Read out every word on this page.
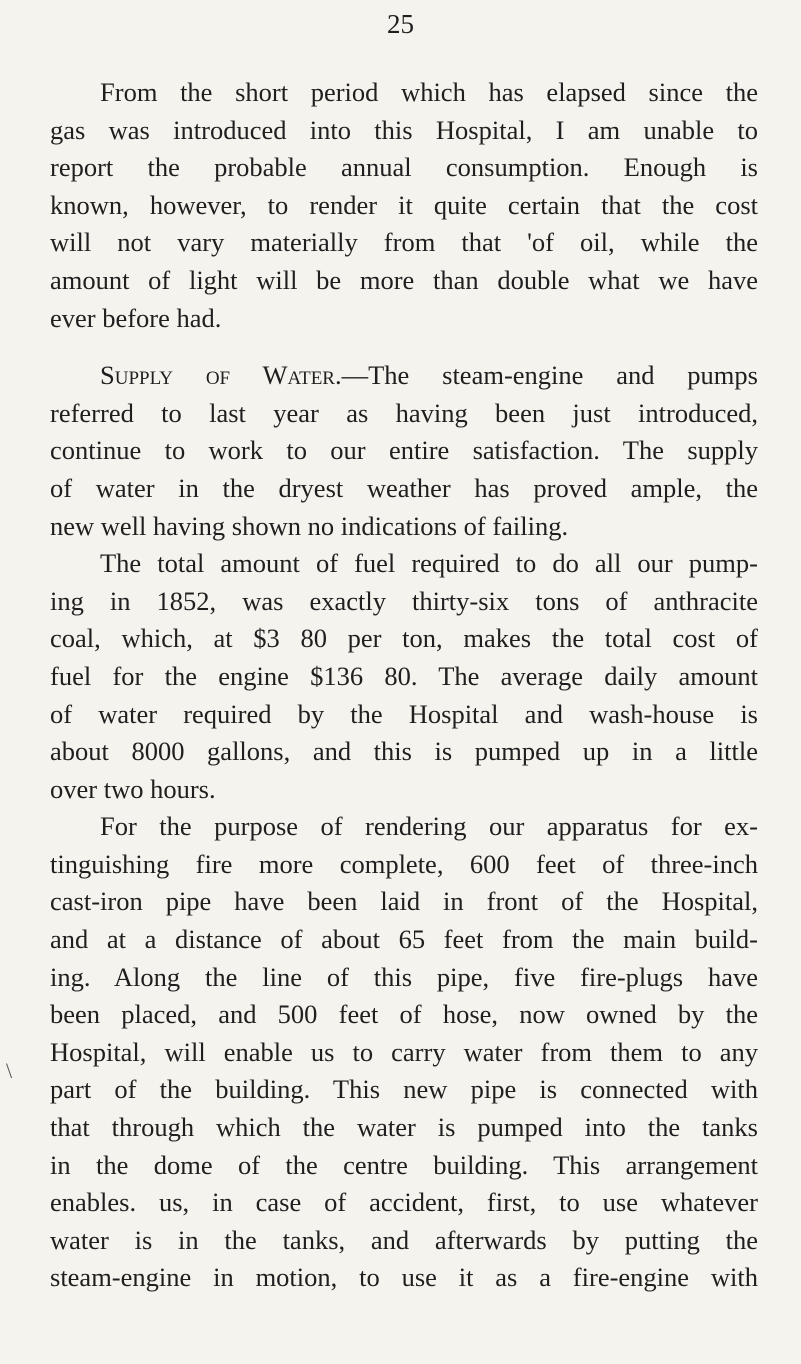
25
\
From the short period which has elapsed since the
gas was introduced into this Hospital, I am unable to
report the probable annual consumption. Enough is
known, however, to render it quite certain that the cost
will not vary materially from that 'of oil, while the
amount of light will be more than double what we have
ever before had.
Supply of Water.—The steam-engine and pumps
referred to last year as having been just introduced,
continue to work to our entire satisfaction. The supply
of water in the dryest weather has proved ample, the
new well having shown no indications of failing.
The total amount of fuel required to do all our pump-
ing in 1852, was exactly thirty-six tons of anthracite
coal, which, at $3 80 per ton, makes the total cost of
fuel for the engine $136 80. The average daily amount
of water required by the Hospital and wash-house is
about 8000 gallons, and this is pumped up in a little
over two hours.
For the purpose of rendering our apparatus for ex-
tinguishing fire more complete, 600 feet of three-inch
cast-iron pipe have been laid in front of the Hospital,
and at a distance of about 65 feet from the main build-
ing. Along the line of this pipe, five fire-plugs have
been placed, and 500 feet of hose, now owned by the
Hospital, will enable us to carry water from them to any
part of the building. This new pipe is connected with
that through which the water is pumped into the tanks
in the dome of the centre building. This arrangement
enables. us, in case of accident, first, to use whatever
water is in the tanks, and afterwards by putting the
steam-engine in motion, to use it as a fire-engine with
